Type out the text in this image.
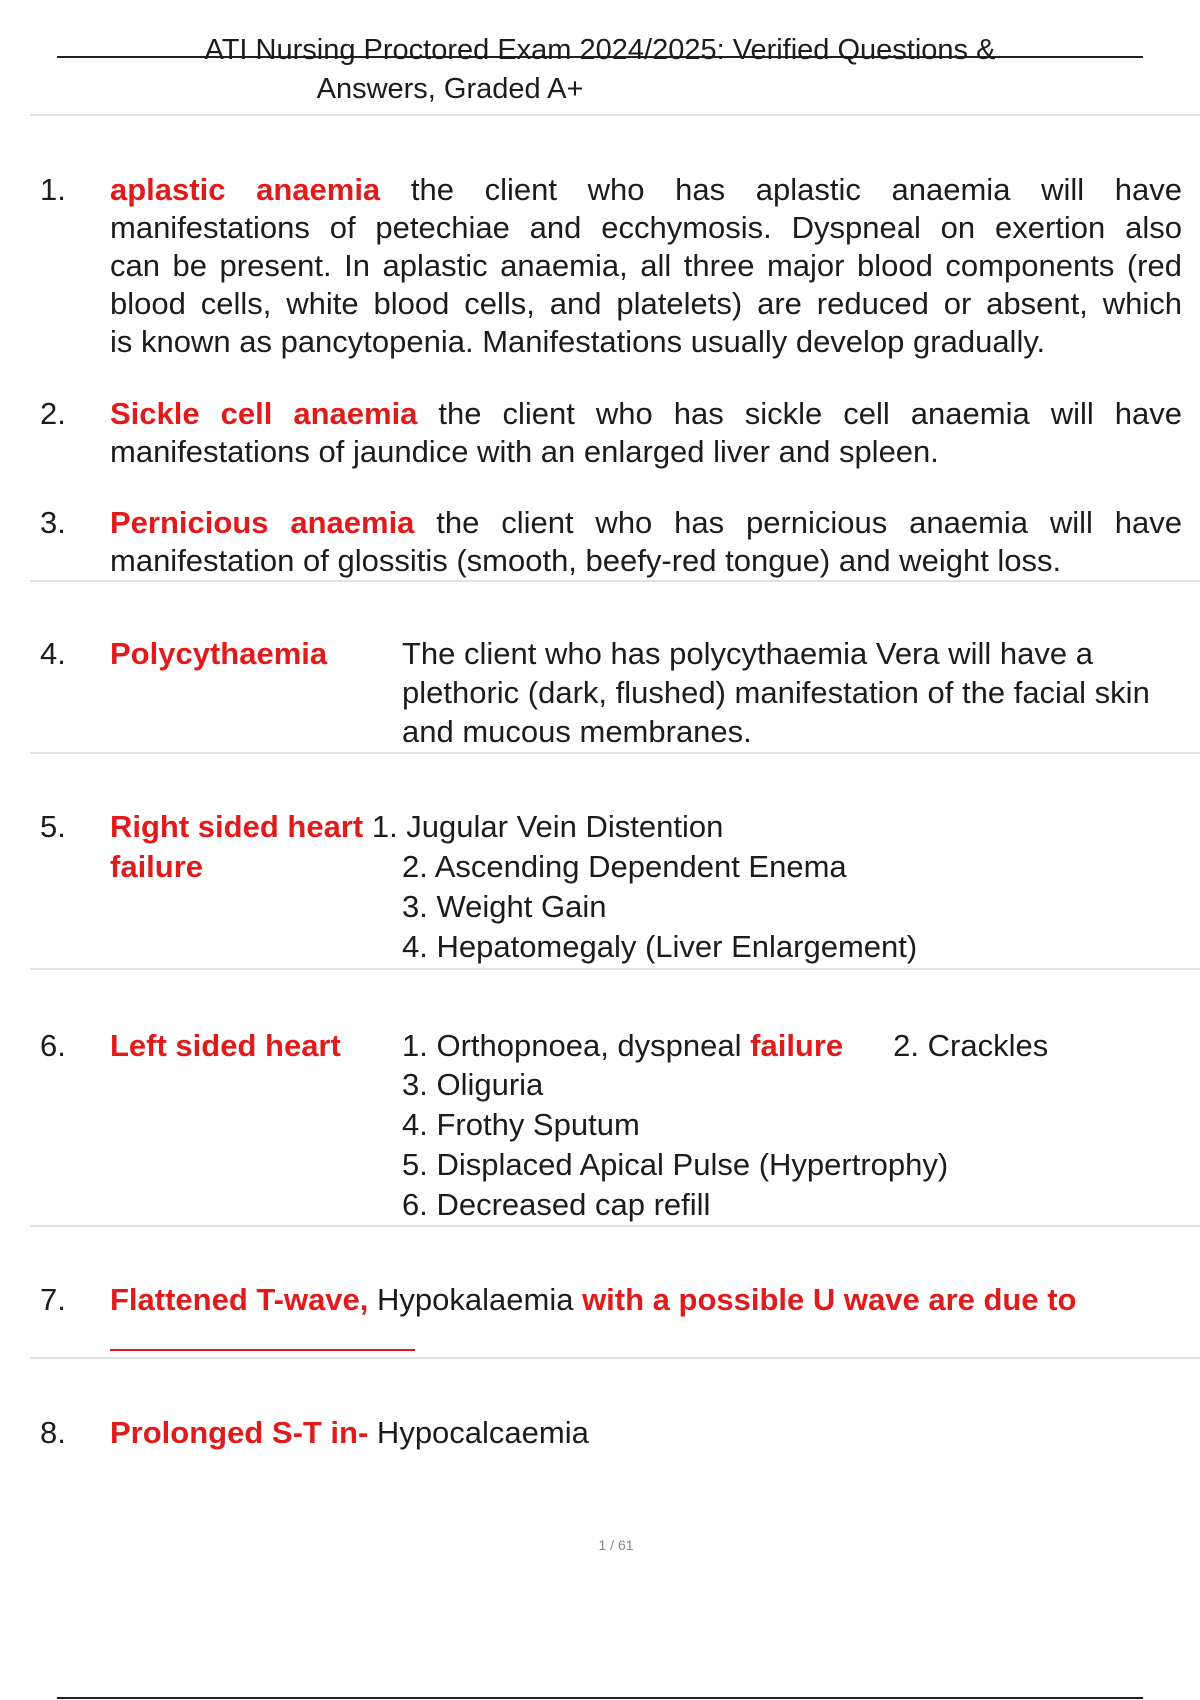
ATI Nursing Proctored Exam 2024/2025: Verified Questions &
Answers, Graded A+
1. aplastic anaemia the client who has aplastic anaemia will have
manifestations of petechiae and ecchymosis. Dyspneal on exertion also
can be present. In aplastic anaemia, all three major blood components (red
blood cells, white blood cells, and platelets) are reduced or absent, which
is known as pancytopenia. Manifestations usually develop gradually.
2. Sickle cell anaemia the client who has sickle cell anaemia will have
manifestations of jaundice with an enlarged liver and spleen.
3. Pernicious anaemia the client who has pernicious anaemia will have
manifestation of glossitis (smooth, beefy-red tongue) and weight loss.
4. Polycythaemia The client who has polycythaemia Vera will have a
plethoric (dark, flushed) manifestation of the facial skin
and mucous membranes.
5. Right sided heart 1. Jugular Vein Distention
failure	2. Ascending Dependent Enema
3. Weight Gain
4. Hepatomegaly (Liver Enlargement)
6. Left sided heart 1. Orthopnoea, dyspneal failure 2. Crackles
3. Oliguria
4. Frothy Sputum
5. Displaced Apical Pulse (Hypertrophy)
6. Decreased cap refill
7. Flattened T-wave, Hypokalaemia with a possible U wave are due to
8. Prolonged S-T in- Hypocalcaemia
1 / 61
